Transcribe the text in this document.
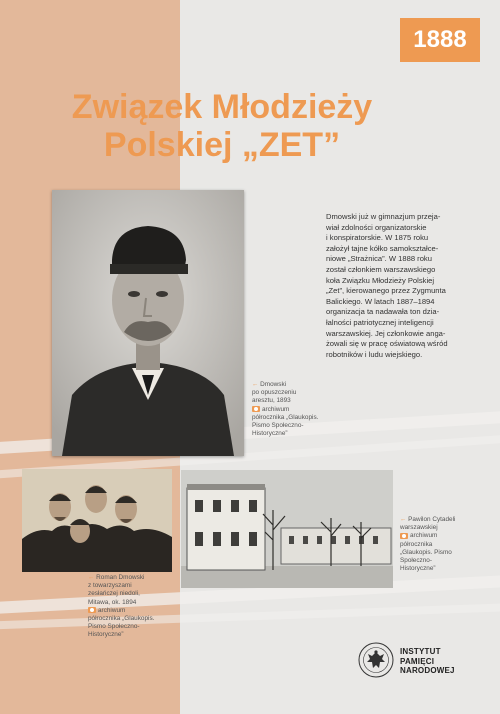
1888
Związek Młodzieży
Polskiej „ZET”
Dmowski już w gimnazjum przeja-
wiał zdolności organizatorskie
i konspiratorskie. W 1875 roku
założył tajne kółko samokształce-
niowe „Strażnica”. W 1888 roku
został członkiem warszawskiego
koła Związku Młodzieży Polskiej
„Zet”, kierowanego przez Zygmunta
Balickiego. W latach 1887–1894
organizacja ta nadawała ton dzia-
łalności patriotycznej inteligencji
warszawskiej. Jej członkowie anga-
żowali się w pracę oświatową wśród
robotników i ludu wiejskiego.
← Dmowski
po opuszczeniu
aresztu, 1893
archiwum
półrocznika „Glaukopis.
Pismo Społeczno-
Historyczne”
← Pawilon Cytadeli
warszawskiej
archiwum
półrocznika
„Glaukopis. Pismo
Społeczno-
Historyczne”
← Roman Dmowski
z towarzyszami
zesłańczej niedoli,
Mitawa, ok. 1894
archiwum
półrocznika „Glaukopis.
Pismo Społeczno-
Historyczne”
INSTYTUT
PAMIĘCI
NARODOWEJ
